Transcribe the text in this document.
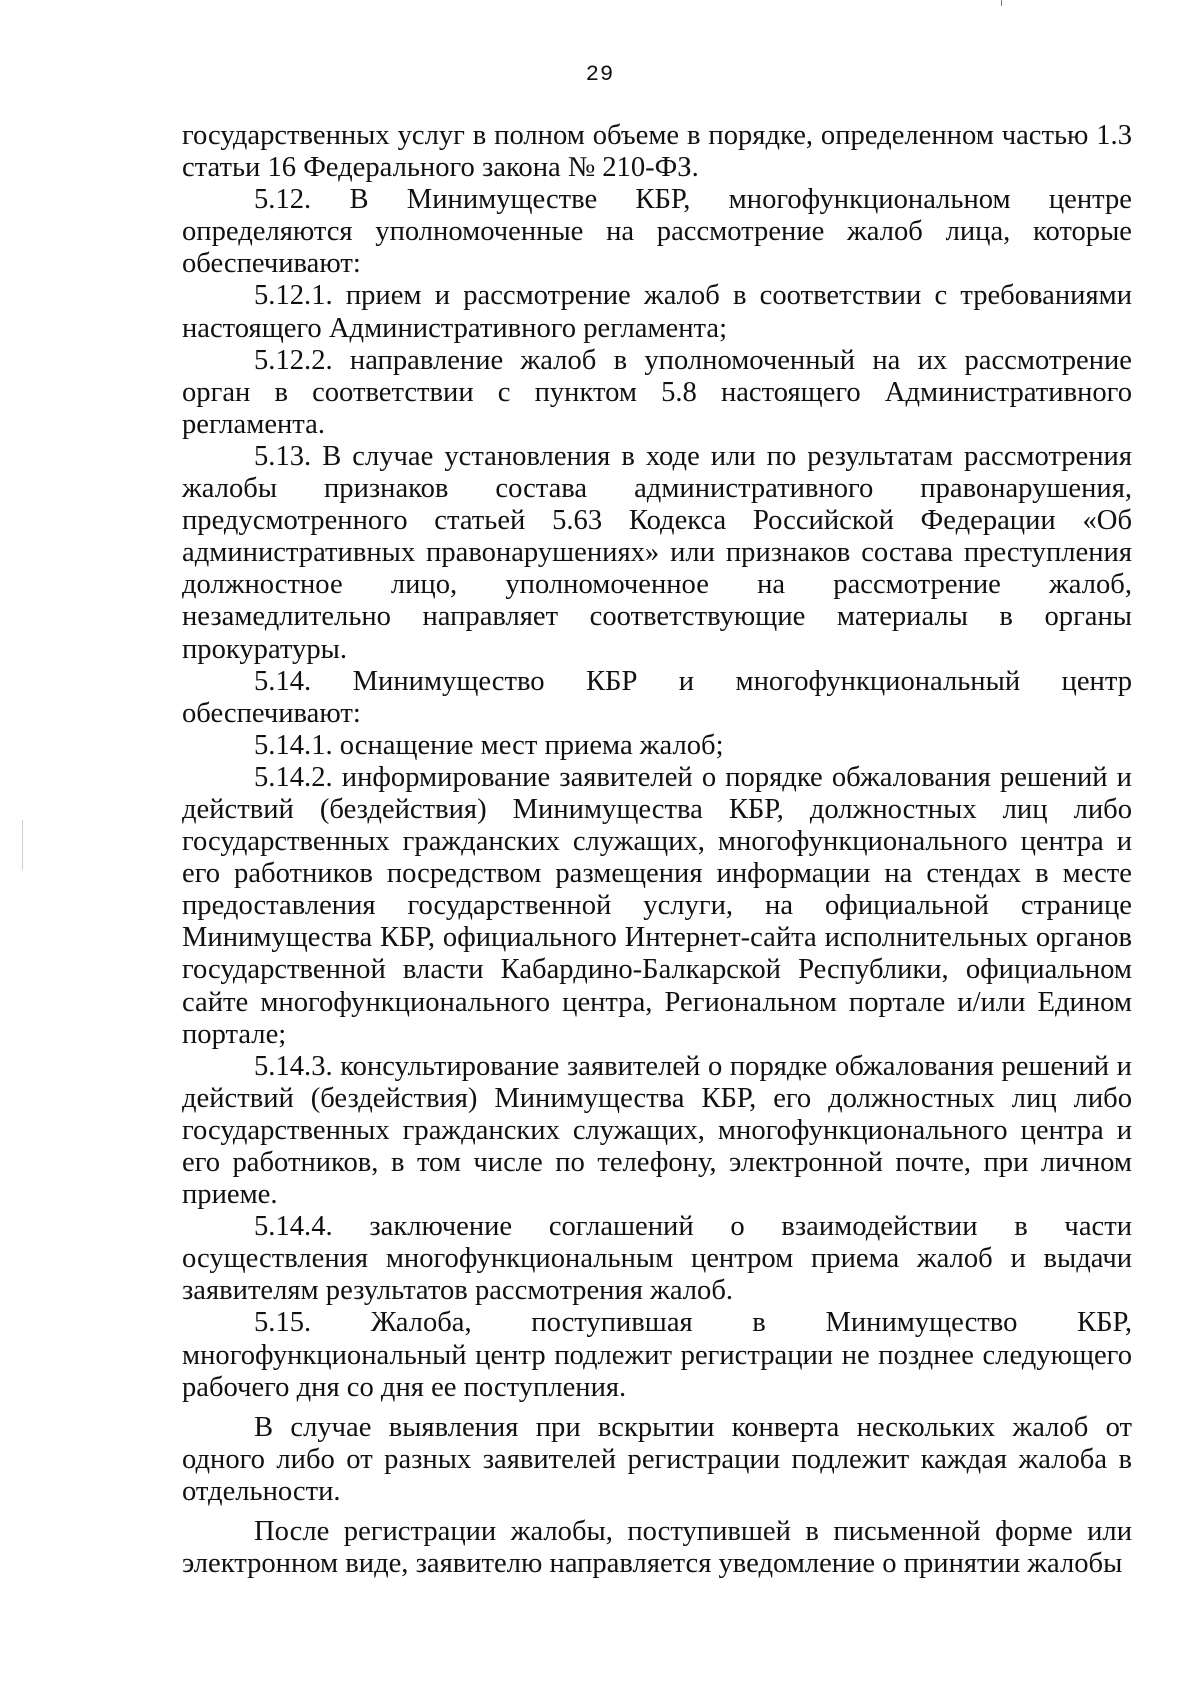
29

государственных услуг в полном объеме в порядке, определенном частью 1.3 статьи 16 Федерального закона № 210-ФЗ.

5.12. В Минимуществе КБР, многофункциональном центре определяются уполномоченные на рассмотрение жалоб лица, которые обеспечивают:

5.12.1. прием и рассмотрение жалоб в соответствии с требованиями настоящего Административного регламента;

5.12.2. направление жалоб в уполномоченный на их рассмотрение орган в соответствии с пунктом 5.8 настоящего Административного регламента.

5.13. В случае установления в ходе или по результатам рассмотрения жалобы признаков состава административного правонарушения, предусмотренного статьей 5.63 Кодекса Российской Федерации «Об административных правонарушениях» или признаков состава преступления должностное лицо, уполномоченное на рассмотрение жалоб, незамедлительно направляет соответствующие материалы в органы прокуратуры.

5.14. Минимущество КБР и многофункциональный центр обеспечивают:

5.14.1. оснащение мест приема жалоб;

5.14.2. информирование заявителей о порядке обжалования решений и действий (бездействия) Минимущества КБР, должностных лиц либо государственных гражданских служащих, многофункционального центра и его работников посредством размещения информации на стендах в месте предоставления государственной услуги, на официальной странице Минимущества КБР, официального Интернет-сайта исполнительных органов государственной власти Кабардино-Балкарской Республики, официальном сайте многофункционального центра, Региональном портале и/или Едином портале;

5.14.3. консультирование заявителей о порядке обжалования решений и действий (бездействия) Минимущества КБР, его должностных лиц либо государственных гражданских служащих, многофункционального центра и его работников, в том числе по телефону, электронной почте, при личном приеме.

5.14.4. заключение соглашений о взаимодействии в части осуществления многофункциональным центром приема жалоб и выдачи заявителям результатов рассмотрения жалоб.

5.15. Жалоба, поступившая в Минимущество КБР, многофункциональный центр подлежит регистрации не позднее следующего рабочего дня со дня ее поступления.

В случае выявления при вскрытии конверта нескольких жалоб от одного либо от разных заявителей регистрации подлежит каждая жалоба в отдельности.

После регистрации жалобы, поступившей в письменной форме или электронном виде, заявителю направляется уведомление о принятии жалобы
